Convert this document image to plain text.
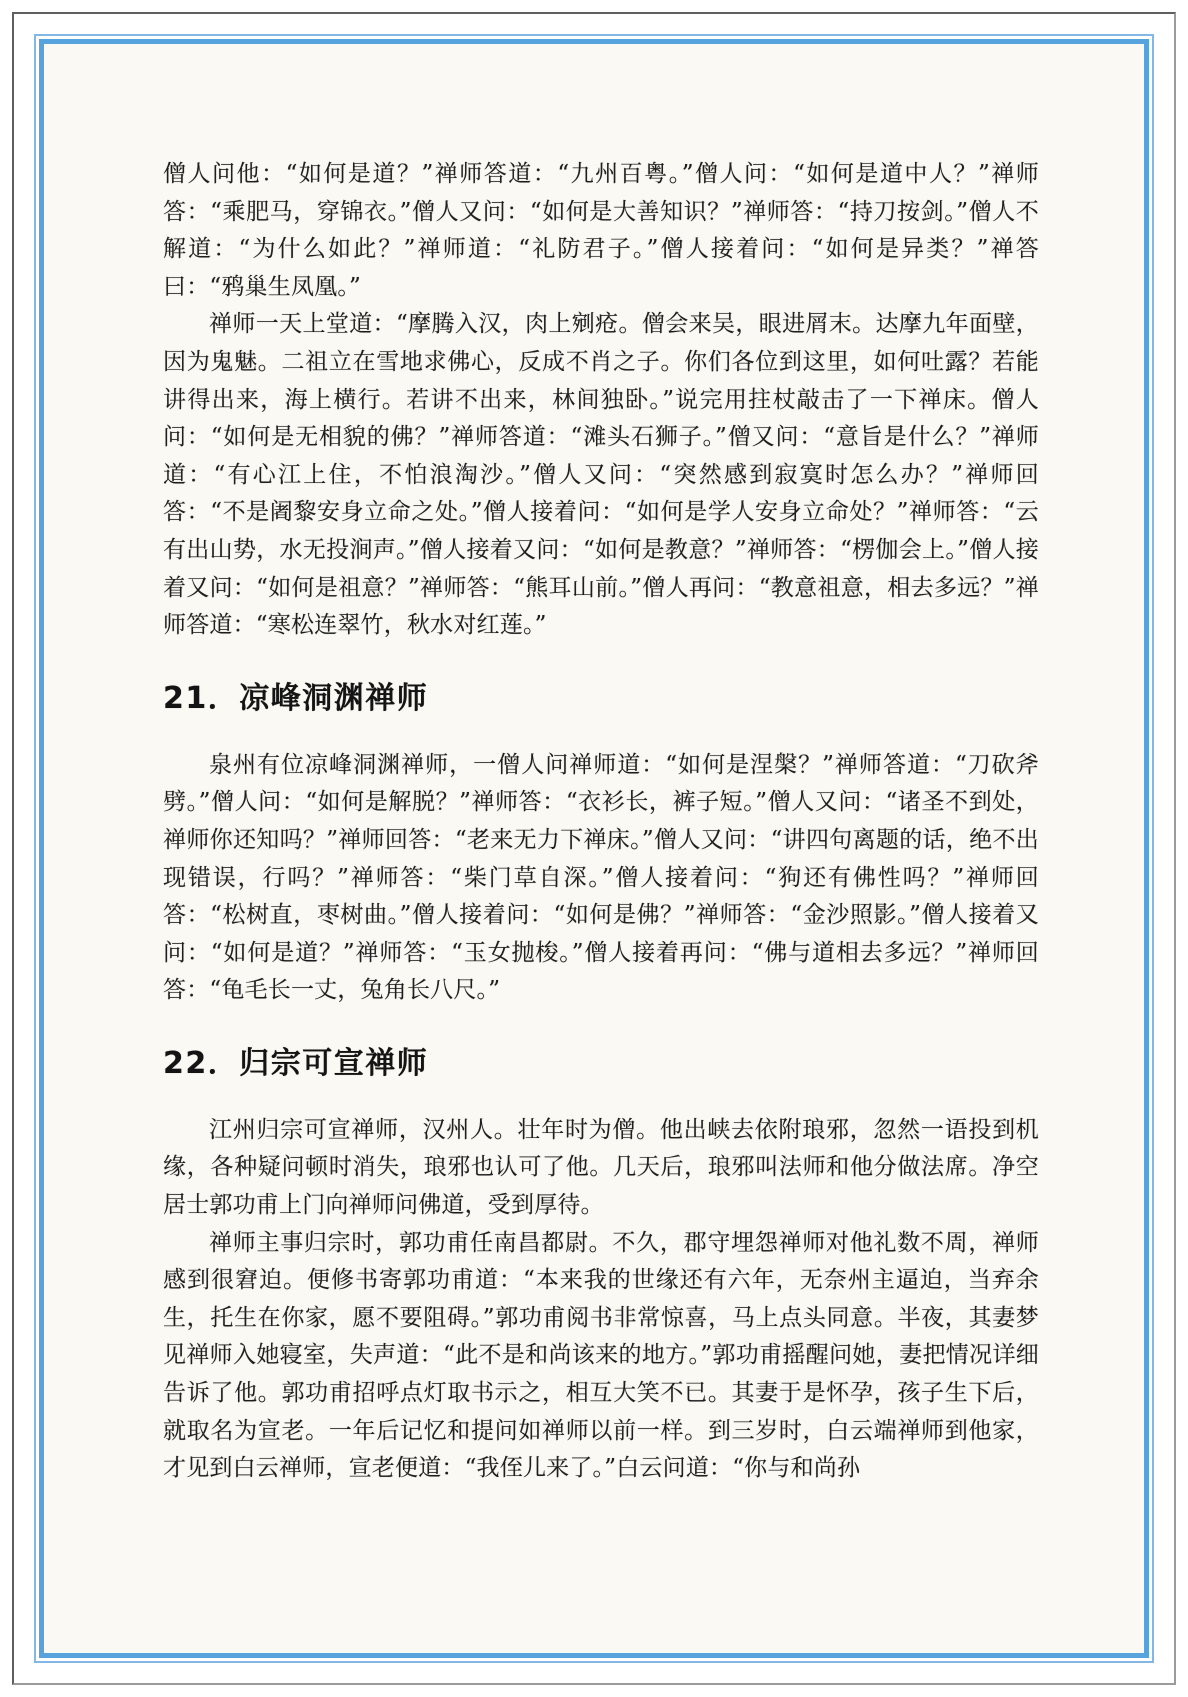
僧人问他：“如何是道？”禅师答道：“九州百粤。”僧人问：“如何是道中人？”禅师答：“乘肥马，穿锦衣。”僧人又问：“如何是大善知识？”禅师答：“持刀按剑。”僧人不解道：“为什么如此？”禅师道：“礼防君子。”僧人接着问：“如何是异类？”禅答曰：“鸦巢生凤凰。”

禅师一天上堂道：“摩腾入汉，肉上剜疮。僧会来吴，眼进屑末。达摩九年面壁，因为鬼魅。二祖立在雪地求佛心，反成不肖之子。你们各位到这里，如何吐露？若能讲得出来，海上横行。若讲不出来，林间独卧。”说完用拄杖敲击了一下禅床。僧人问：“如何是无相貌的佛？”禅师答道：“滩头石狮子。”僧又问：“意旨是什么？”禅师道：“有心江上住，不怕浪淘沙。”僧人又问：“突然感到寂寞时怎么办？”禅师回答：“不是阇黎安身立命之处。”僧人接着问：“如何是学人安身立命处？”禅师答：“云有出山势，水无投涧声。”僧人接着又问：“如何是教意？”禅师答：“楞伽会上。”僧人接着又问：“如何是祖意？”禅师答：“熊耳山前。”僧人再问：“教意祖意，相去多远？”禅师答道：“寒松连翠竹，秋水对红莲。”

21．凉峰洞渊禅师

泉州有位凉峰洞渊禅师，一僧人问禅师道：“如何是涅槃？”禅师答道：“刀砍斧劈。”僧人问：“如何是解脱？”禅师答：“衣衫长，裤子短。”僧人又问：“诸圣不到处，禅师你还知吗？”禅师回答：“老来无力下禅床。”僧人又问：“讲四句离题的话，绝不出现错误，行吗？”禅师答：“柴门草自深。”僧人接着问：“狗还有佛性吗？”禅师回答：“松树直，枣树曲。”僧人接着问：“如何是佛？”禅师答：“金沙照影。”僧人接着又问：“如何是道？”禅师答：“玉女抛梭。”僧人接着再问：“佛与道相去多远？”禅师回答：“龟毛长一丈，兔角长八尺。”

22．归宗可宣禅师

江州归宗可宣禅师，汉州人。壮年时为僧。他出峡去依附琅邪，忽然一语投到机缘，各种疑问顿时消失，琅邪也认可了他。几天后，琅邪叫法师和他分做法席。净空居士郭功甫上门向禅师问佛道，受到厚待。

禅师主事归宗时，郭功甫任南昌都尉。不久，郡守埋怨禅师对他礼数不周，禅师感到很窘迫。便修书寄郭功甫道：“本来我的世缘还有六年，无奈州主逼迫，当弃余生，托生在你家，愿不要阻碍。”郭功甫阅书非常惊喜，马上点头同意。半夜，其妻梦见禅师入她寝室，失声道：“此不是和尚该来的地方。”郭功甫摇醒问她，妻把情况详细告诉了他。郭功甫招呼点灯取书示之，相互大笑不已。其妻于是怀孕，孩子生下后，就取名为宣老。一年后记忆和提问如禅师以前一样。到三岁时，白云端禅师到他家，才见到白云禅师，宣老便道：“我侄儿来了。”白云问道：“你与和尚孙
